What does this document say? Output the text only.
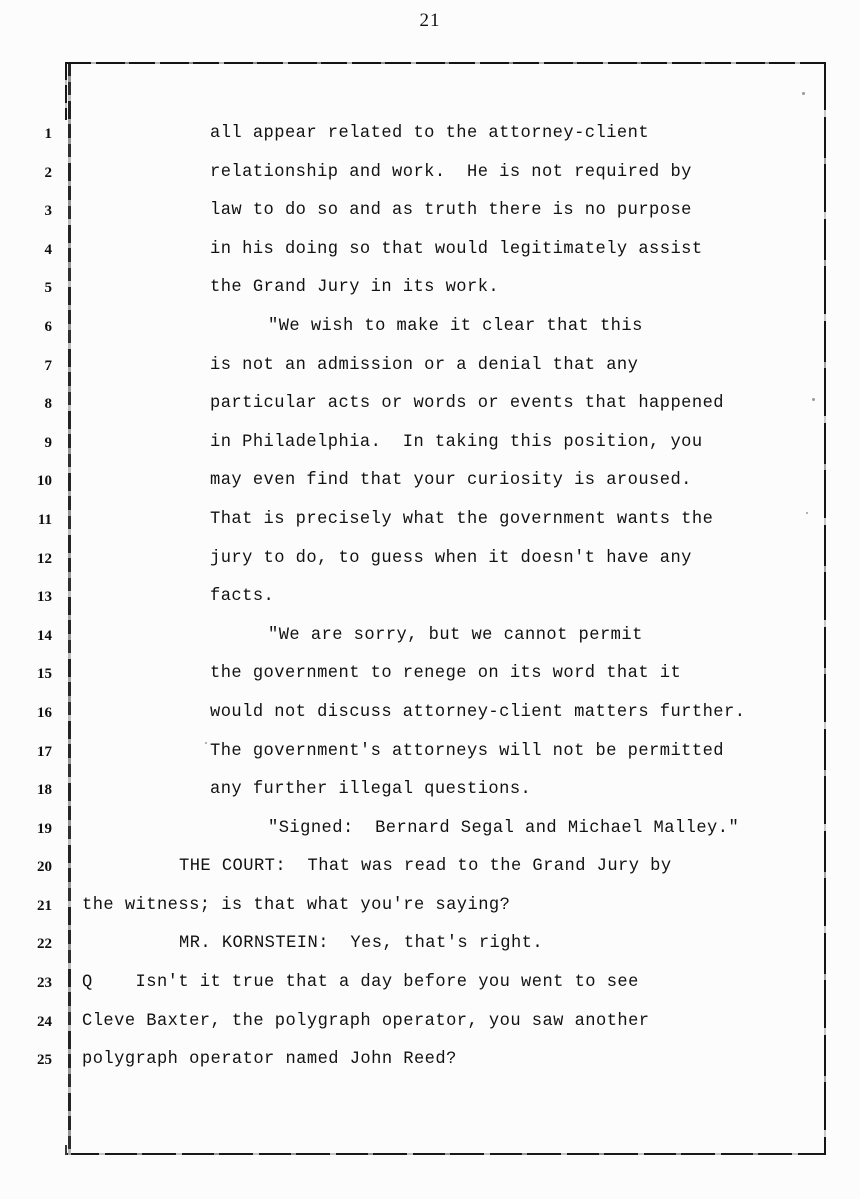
21
1	all appear related to the attorney-client
2	relationship and work.  He is not required by
3	law to do so and as truth there is no purpose
4	in his doing so that would legitimately assist
5	the Grand Jury in its work.
6	"We wish to make it clear that this
7	is not an admission or a denial that any
8	particular acts or words or events that happened
9	in Philadelphia.  In taking this position, you
10	may even find that your curiosity is aroused.
11	That is precisely what the government wants the
12	jury to do, to guess when it doesn't have any
13	facts.
14	"We are sorry, but we cannot permit
15	the government to renege on its word that it
16	would not discuss attorney-client matters further.
17	The government's attorneys will not be permitted
18	any further illegal questions.
19	"Signed:  Bernard Segal and Michael Malley."
20	THE COURT:  That was read to the Grand Jury by
21 the witness; is that what you're saying?
22	MR. KORNSTEIN:  Yes, that's right.
23 Q    Isn't it true that a day before you went to see
24 Cleve Baxter, the polygraph operator, you saw another
25 polygraph operator named John Reed?
